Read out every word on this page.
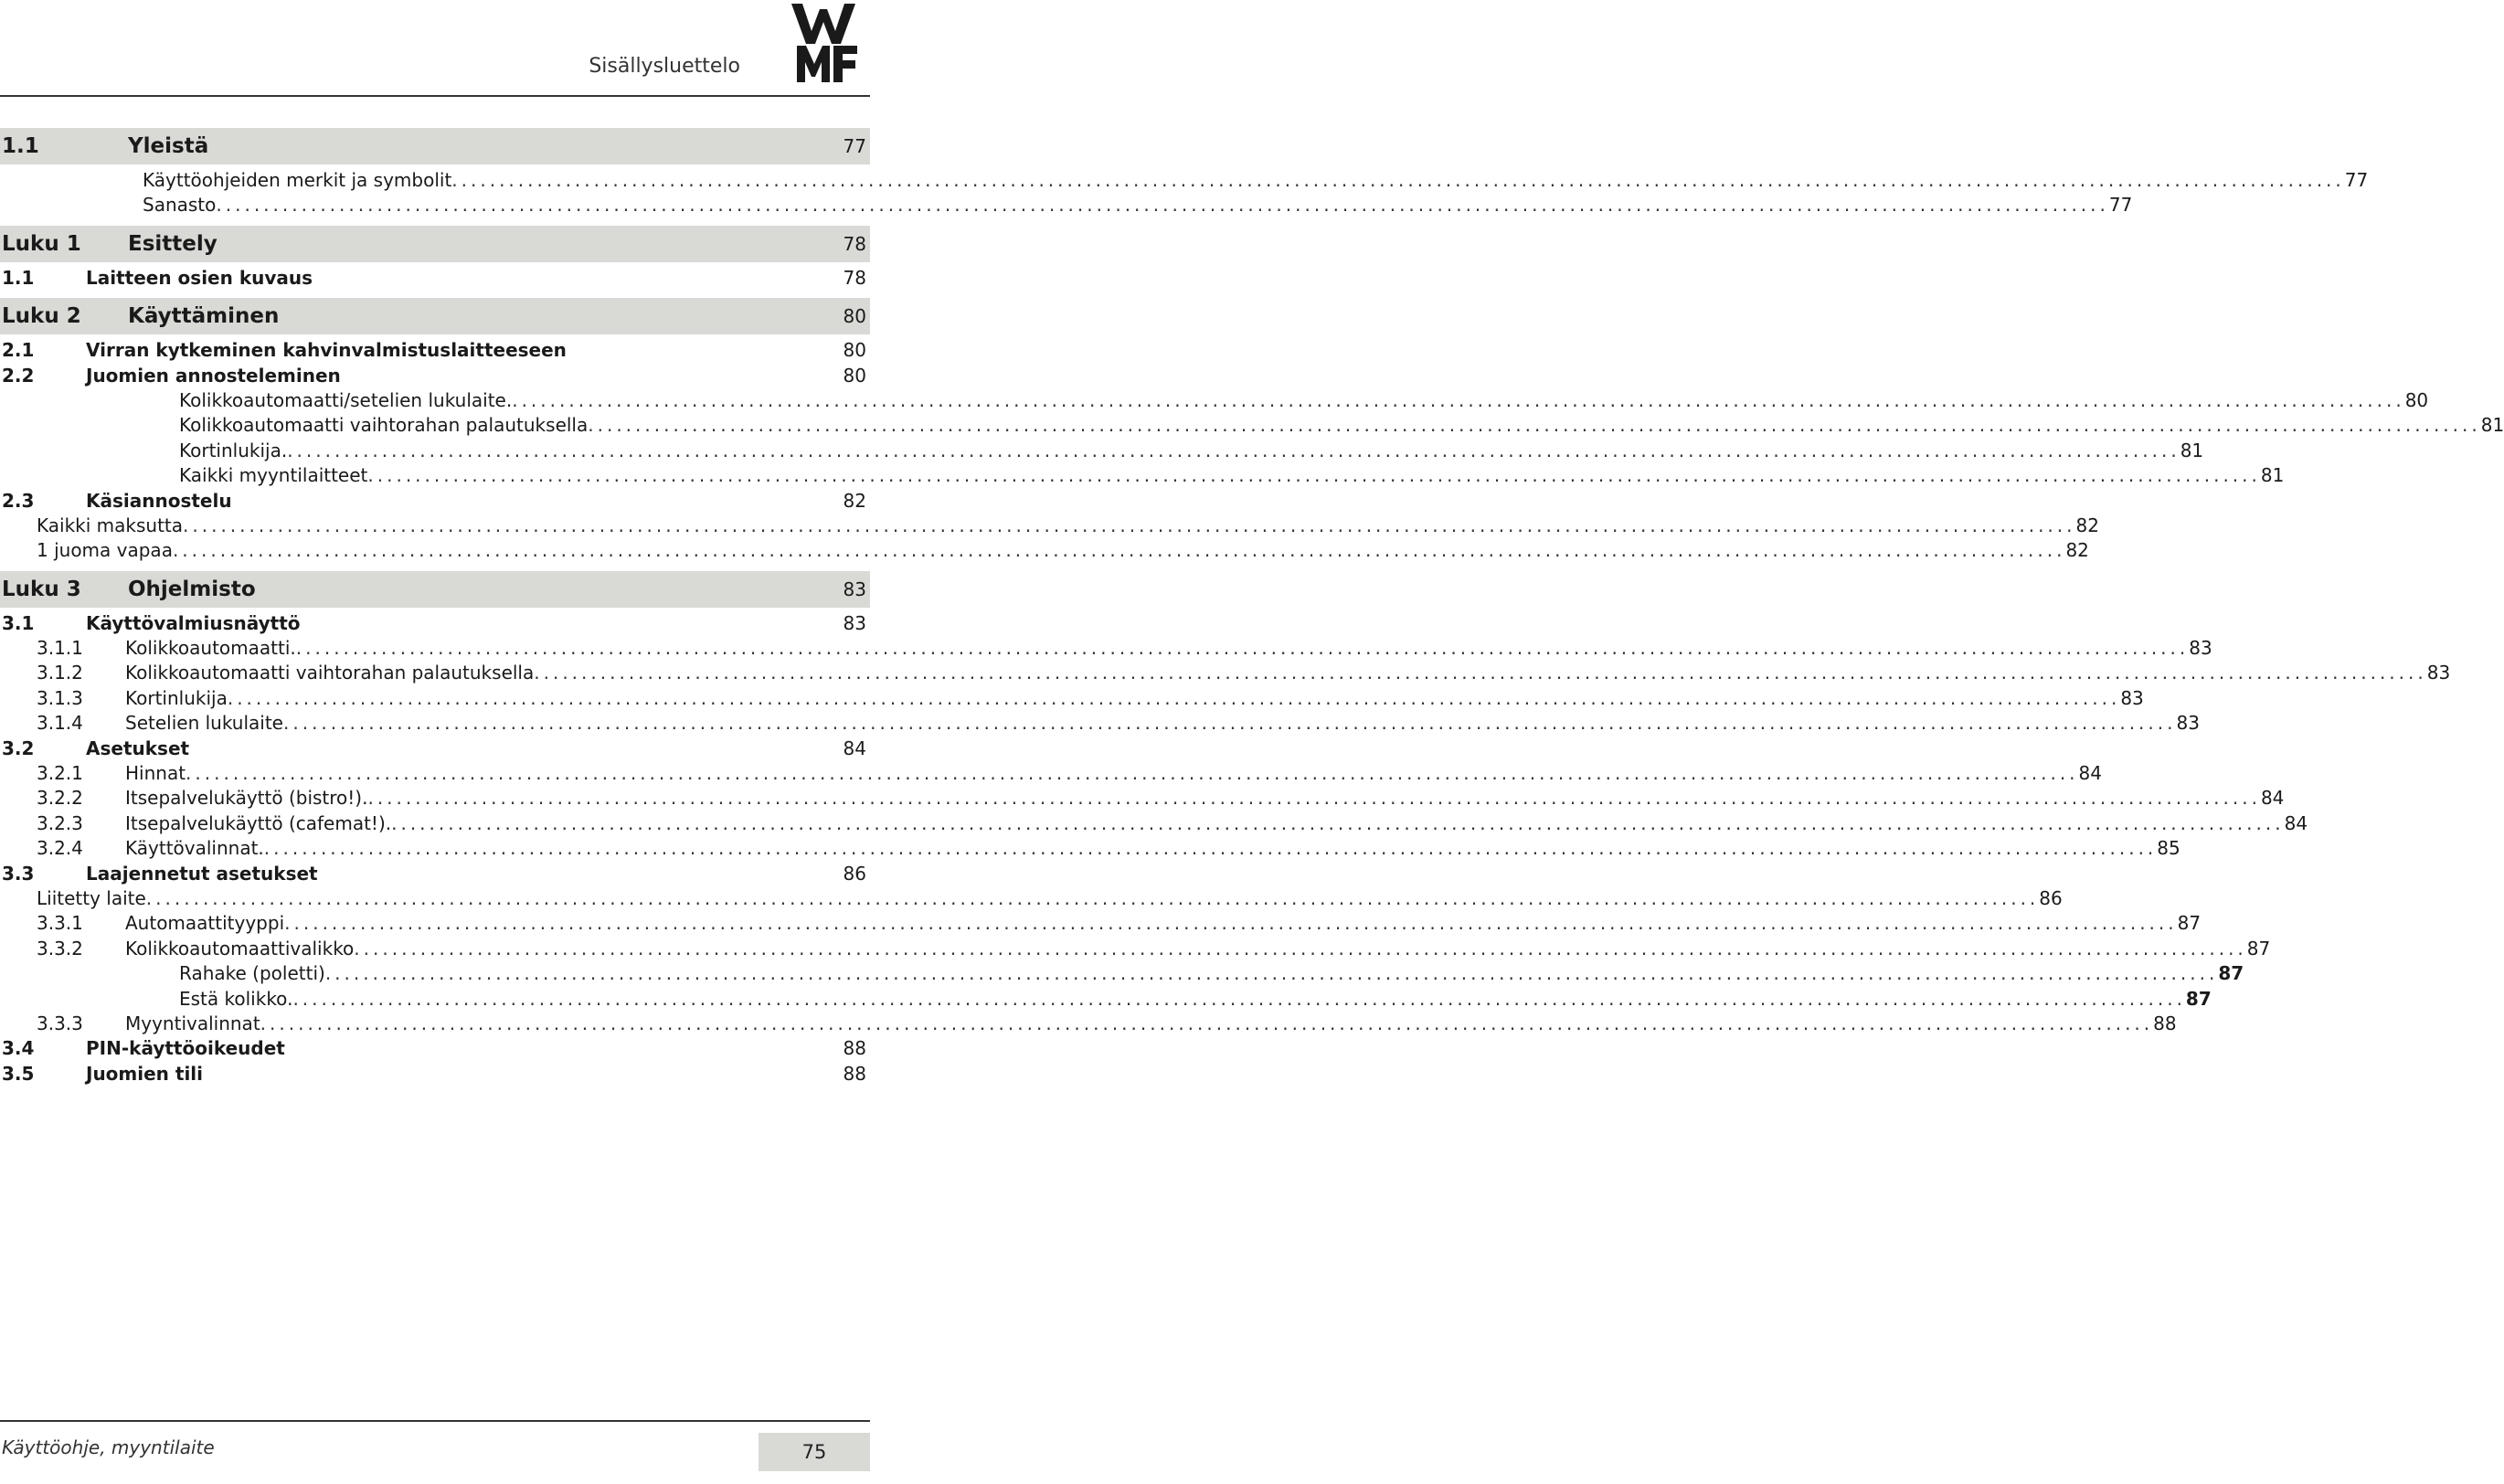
Sisällysluettelo
1.1	Yleistä	77
Käyttöohjeiden merkit ja symbolit ........................................................................................................................................................................................................ 77
Sanasto ........................................................................................................................................................................................................ 77
Luku 1 Esittely	78
1.1	Laitteen osien kuvaus	78
Luku 2 Käyttäminen	80
2.1	Virran kytkeminen kahvinvalmistuslaitteeseen	80
2.2	Juomien annosteleminen	80
Kolikkoautomaatti/setelien lukulaite. ........................................................................................................................................................................................................ 80
Kolikkoautomaatti vaihtorahan palautuksella ........................................................................................................................................................................................................ 81
Kortinlukija. ........................................................................................................................................................................................................ 81
Kaikki myyntilaitteet ........................................................................................................................................................................................................ 81
2.3	Käsiannostelu	82
Kaikki maksutta ........................................................................................................................................................................................................ 82
1 juoma vapaa ........................................................................................................................................................................................................ 82
Luku 3 Ohjelmisto	83
3.1	Käyttövalmiusnäyttö	83
3.1.1 Kolikkoautomaatti. ........................................................................................................................................................................................................ 83
3.1.2 Kolikkoautomaatti vaihtorahan palautuksella ........................................................................................................................................................................................................ 83
3.1.3 Kortinlukija ........................................................................................................................................................................................................ 83
3.1.4 Setelien lukulaite ........................................................................................................................................................................................................ 83
3.2	Asetukset	84
3.2.1 Hinnat ........................................................................................................................................................................................................ 84
3.2.2 Itsepalvelukäyttö (bistro!). ........................................................................................................................................................................................................ 84
3.2.3 Itsepalvelukäyttö (cafemat!). ........................................................................................................................................................................................................ 84
3.2.4 Käyttövalinnat. ........................................................................................................................................................................................................ 85
3.3	Laajennetut asetukset	86
Liitetty laite ........................................................................................................................................................................................................ 86
3.3.1 Automaattityyppi ........................................................................................................................................................................................................ 87
3.3.2 Kolikkoautomaattivalikko ........................................................................................................................................................................................................ 87
Rahake (poletti) ........................................................................................................................................................................................................ 87
Estä kolikko. ........................................................................................................................................................................................................ 87
3.3.3 Myyntivalinnat ........................................................................................................................................................................................................ 88
3.4	PIN-käyttöoikeudet	88
3.5	Juomien tili	88
Käyttöohje, myyntilaite	75
